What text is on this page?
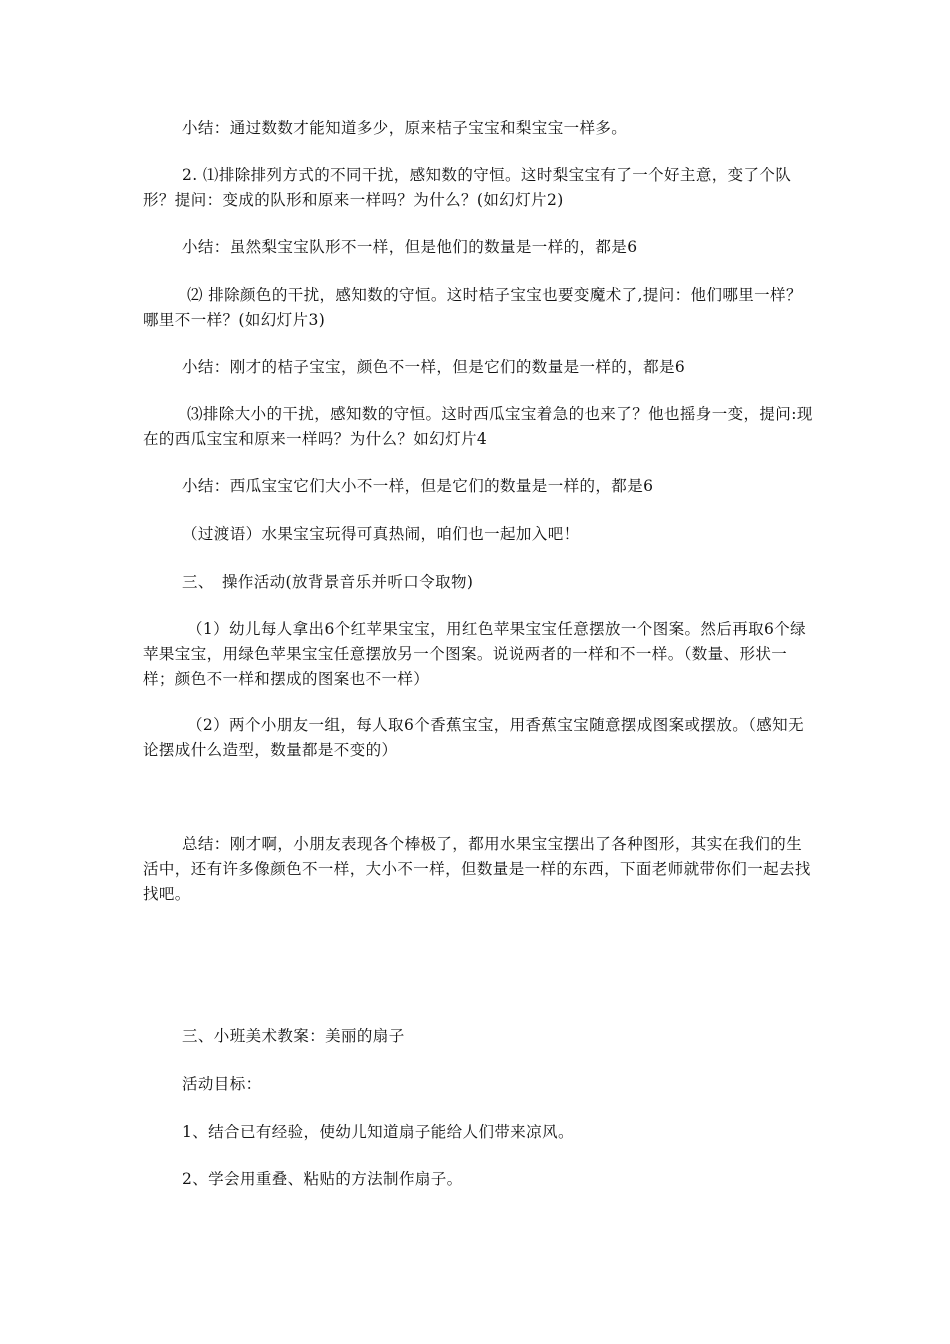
小结：通过数数才能知道多少，原来桔子宝宝和梨宝宝一样多。

2. ⑴排除排列方式的不同干扰，感知数的守恒。这时梨宝宝有了一个好主意，变了个队形？提问：变成的队形和原来一样吗？为什么？(如幻灯片2)

小结：虽然梨宝宝队形不一样，但是他们的数量是一样的，都是6

⑵ 排除颜色的干扰，感知数的守恒。这时桔子宝宝也要变魔术了,提问：他们哪里一样？哪里不一样？(如幻灯片3)

小结：刚才的桔子宝宝，颜色不一样，但是它们的数量是一样的，都是6

⑶排除大小的干扰，感知数的守恒。这时西瓜宝宝着急的也来了？他也摇身一变，提问:现在的西瓜宝宝和原来一样吗？为什么？如幻灯片4

小结：西瓜宝宝它们大小不一样，但是它们的数量是一样的，都是6

（过渡语）水果宝宝玩得可真热闹，咱们也一起加入吧！

三、　操作活动(放背景音乐并听口令取物)

（1）幼儿每人拿出6个红苹果宝宝，用红色苹果宝宝任意摆放一个图案。然后再取6个绿苹果宝宝，用绿色苹果宝宝任意摆放另一个图案。说说两者的一样和不一样。（数量、形状一样；颜色不一样和摆成的图案也不一样）

（2）两个小朋友一组，每人取6个香蕉宝宝，用香蕉宝宝随意摆成图案或摆放。（感知无论摆成什么造型，数量都是不变的）

总结：刚才啊，小朋友表现各个棒极了，都用水果宝宝摆出了各种图形，其实在我们的生活中，还有许多像颜色不一样，大小不一样，但数量是一样的东西，下面老师就带你们一起去找找吧。

三、小班美术教案：美丽的扇子

活动目标：

1、结合已有经验，使幼儿知道扇子能给人们带来凉风。

2、学会用重叠、粘贴的方法制作扇子。
